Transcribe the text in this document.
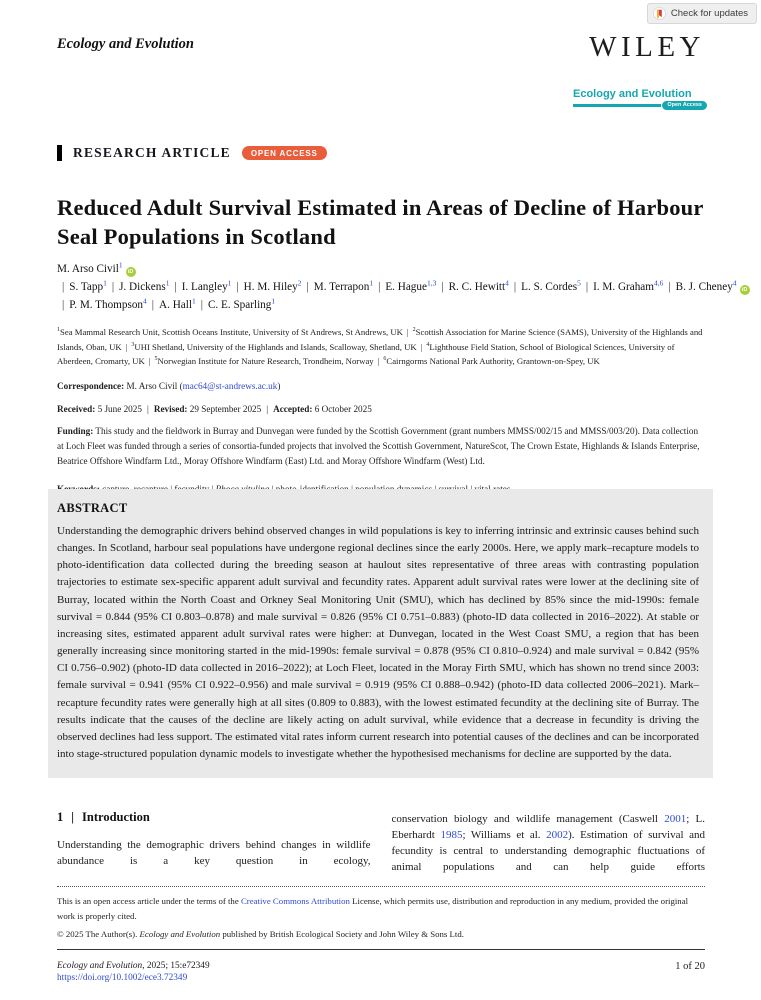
Check for updates
Ecology and Evolution	WILEY
Ecology and Evolution
Open Access
RESEARCH ARTICLE	OPEN ACCESS
Reduced Adult Survival Estimated in Areas of Decline of Harbour Seal Populations in Scotland
M. Arso Civil$^1$iD| S. Tapp$^1$ | J. Dickens$^1$ | I. Langley$^1$ | H. M. Hiley$^2$ | M. Terrapon$^1$ | E. Hague$^{1,3}$ | R. C. Hewitt$^4$ | L. S. Cordes$^5$ | I. M. Graham$^{4,6}$ | B. J. Cheney$^4$iD| P. M. Thompson$^4$ | A. Hall$^1$ | C. E. Sparling$^1$

$^1$Sea Mammal Research Unit, Scottish Oceans Institute, University of St Andrews, St Andrews, UK | $^2$Scottish Association for Marine Science (SAMS), University of the Highlands and Islands, Oban, UK | $^3$UHI Shetland, University of the Highlands and Islands, Scalloway, Shetland, UK | $^4$Lighthouse Field Station, School of Biological Sciences, University of Aberdeen, Cromarty, UK | $^5$Norwegian Institute for Nature Research, Trondheim, Norway | $^6$Cairngorms National Park Authority, Grantown-on-Spey, UK

Correspondence: M. Arso Civil (mac64@st-andrews.ac.uk)

Received: 5 June 2025 | Revised: 29 September 2025 | Accepted: 6 October 2025

Funding: This study and the fieldwork in Burray and Dunvegan were funded by the Scottish Government (grant numbers MMSS/002/15 and MMSS/003/20). Data collection at Loch Fleet was funded through a series of consortia-funded projects that involved the Scottish Government, NatureScot, The Crown Estate, Highlands & Islands Enterprise, Beatrice Offshore Windfarm Ltd., Moray Offshore Windfarm (East) Ltd. and Moray Offshore Windfarm (West) Ltd.

ABSTRACT

Understanding the demographic drivers behind observed changes in wild populations is key to inferring intrinsic and extrinsic causes behind such changes. In Scotland, harbour seal populations have undergone regional declines since the early 2000s. Here, we apply mark–recapture models to photo-identification data collected during the breeding season at haulout sites representative of three areas with contrasting population trajectories to estimate sex-specific apparent adult survival and fecundity rates. Apparent adult survival rates were lower at the declining site of Burray, located within the North Coast and Orkney Seal Monitoring Unit (SMU), which has declined by 85% since the mid-1990s: female survival = 0.844 (95% CI 0.803–0.878) and male survival = 0.826 (95% CI 0.751–0.883) (photo-ID data collected in 2016–2022). At stable or increasing sites, estimated apparent adult survival rates were higher: at Dunvegan, located in the West Coast SMU, a region that has been generally increasing since monitoring started in the mid-1990s: female survival = 0.878 (95% CI 0.810–0.924) and male survival = 0.842 (95% CI 0.756–0.902) (photo-ID data collected in 2016–2022); at Loch Fleet, located in the Moray Firth SMU, which has shown no trend since 2003: female survival = 0.941 (95% CI 0.922–0.956) and male survival = 0.919 (95% CI 0.888–0.942) (photo-ID data collected 2006–2021). Mark–recapture fecundity rates were generally high at all sites (0.809 to 0.883), with the lowest estimated fecundity at the declining site of Burray. The results indicate that the causes of the decline are likely acting on adult survival, while evidence that a decrease in fecundity is driving the observed declines had less support. The estimated vital rates inform current research into potential causes of the declines and can be incorporated into stage-structured population dynamic models to investigate whether the hypothesised mechanisms for decline are supported by the data.

1 | Introduction

Understanding the demographic drivers behind changes in wildlife abundance is a key question in ecology,

conservation biology and wildlife management (Caswell 2001; L. Eberhardt 1985; Williams et al. 2002). Estimation of survival and fecundity is central to understanding demographic fluctuations of animal populations and can help guide efforts

This is an open access article under the terms of the Creative Commons Attribution License, which permits use, distribution and reproduction in any medium, provided the original work is properly cited.

© 2025 The Author(s). Ecology and Evolution published by British Ecological Society and John Wiley & Sons Ltd.

Ecology and Evolution, 2025; 15:e72349
https://doi.org/10.1002/ece3.72349
1 of 20
